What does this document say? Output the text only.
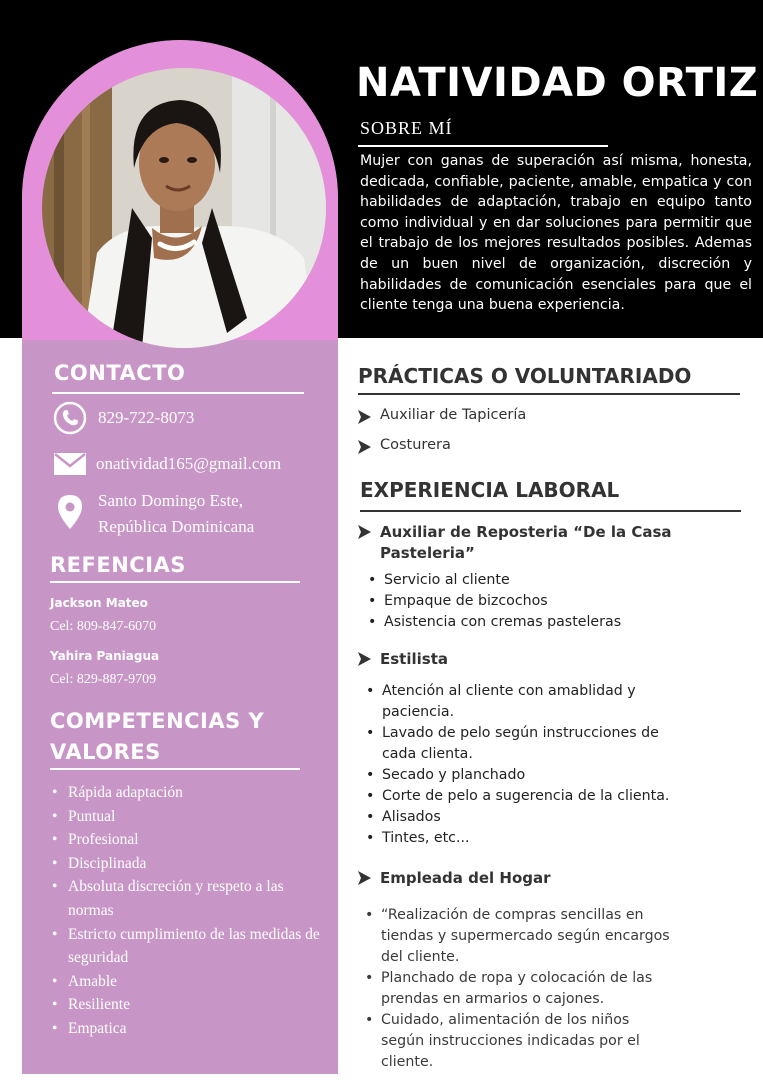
NATIVIDAD ORTIZ
SOBRE MÍ
Mujer con ganas de superación así misma, honesta, dedicada, confiable, paciente, amable, empatica y con habilidades de adaptación, trabajo en equipo tanto como individual y en dar soluciones para permitir que el trabajo de los mejores resultados posibles. Ademas de un buen nivel de organización, discreción y habilidades de comunicación esenciales para que el cliente tenga una buena experiencia.
CONTACTO
829-722-8073
onatividad165@gmail.com
Santo Domingo Este,
República Dominicana
REFENCIAS
Jackson Mateo
Cel: 809-847-6070
Yahira Paniagua
Cel: 829-887-9709
COMPETENCIAS Y
VALORES
• Rápida adaptación
• Puntual
• Profesional
• Disciplinada
• Absoluta discreción y respeto a las normas
• Estricto cumplimiento de las medidas de seguridad
• Amable
• Resiliente
• Empatica
PRÁCTICAS O VOLUNTARIADO
Auxiliar de Tapicería
Costurera
EXPERIENCIA LABORAL
Auxiliar de Reposteria “De la Casa Pasteleria”
• Servicio al cliente
• Empaque de bizcochos
• Asistencia con cremas pasteleras
Estilista
• Atención al cliente con amablidad y paciencia.
• Lavado de pelo según instrucciones de cada clienta.
• Secado y planchado
• Corte de pelo a sugerencia de la clienta.
• Alisados
• Tintes, etc...
Empleada del Hogar
• “Realización de compras sencillas en tiendas y supermercado según encargos del cliente.
• Planchado de ropa y colocación de las prendas en armarios o cajones.
• Cuidado, alimentación de los niños según instrucciones indicadas por el cliente.
